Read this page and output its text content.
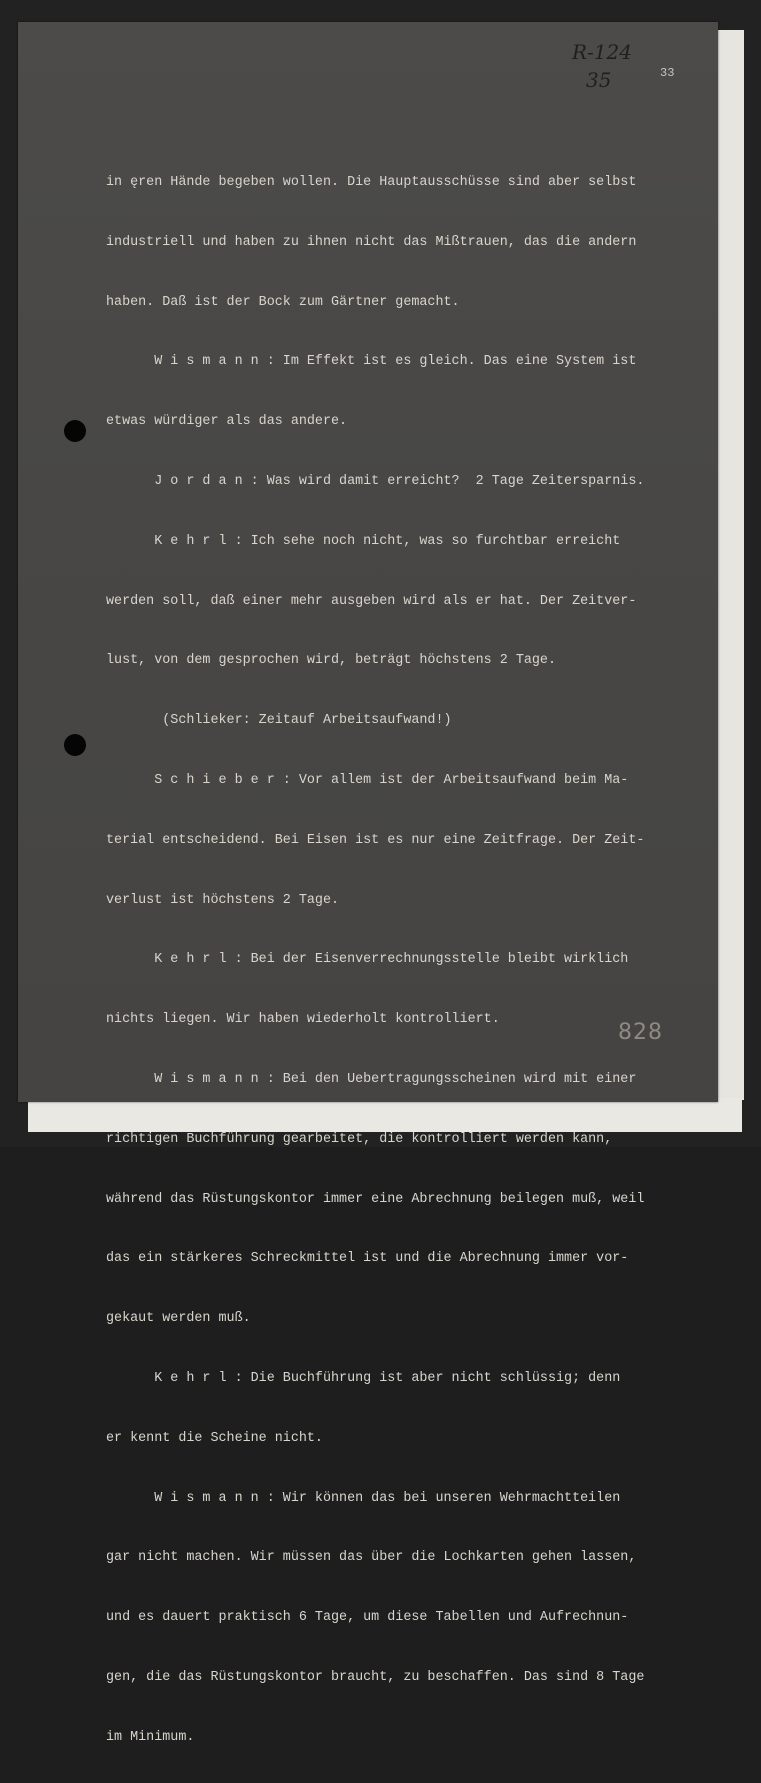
R-124
35	33

in ęren Hände begeben wollen. Die Hauptausschüsse sind aber selbst

industriell und haben zu ihnen nicht das Mißtrauen, das die andern

haben. Daß ist der Bock zum Gärtner gemacht.

W i s m a n n : Im Effekt ist es gleich. Das eine System ist

etwas würdiger als das andere.

J o r d a n : Was wird damit erreicht?  2 Tage Zeitersparnis.

K e h r l : Ich sehe noch nicht, was so furchtbar erreicht

werden soll, daß einer mehr ausgeben wird als er hat. Der Zeitver-

lust, von dem gesprochen wird, beträgt höchstens 2 Tage.

(Schlieker: Zeitauf Arbeitsaufwand!)

S c h i e b e r : Vor allem ist der Arbeitsaufwand beim Ma-

terial entscheidend. Bei Eisen ist es nur eine Zeitfrage. Der Zeit-

verlust ist höchstens 2 Tage.

K e h r l : Bei der Eisenverrechnungsstelle bleibt wirklich

nichts liegen. Wir haben wiederholt kontrolliert.

W i s m a n n : Bei den Uebertragungsscheinen wird mit einer

richtigen Buchführung gearbeitet, die kontrolliert werden kann,

während das Rüstungskontor immer eine Abrechnung beilegen muß, weil

das ein stärkeres Schreckmittel ist und die Abrechnung immer vor-

gekaut werden muß.

K e h r l : Die Buchführung ist aber nicht schlüssig; denn

er kennt die Scheine nicht.

W i s m a n n : Wir können das bei unseren Wehrmachtteilen

gar nicht machen. Wir müssen das über die Lochkarten gehen lassen,

und es dauert praktisch 6 Tage, um diese Tabellen und Aufrechnun-

gen, die das Rüstungskontor braucht, zu beschaffen. Das sind 8 Tage

im Minimum.

828
